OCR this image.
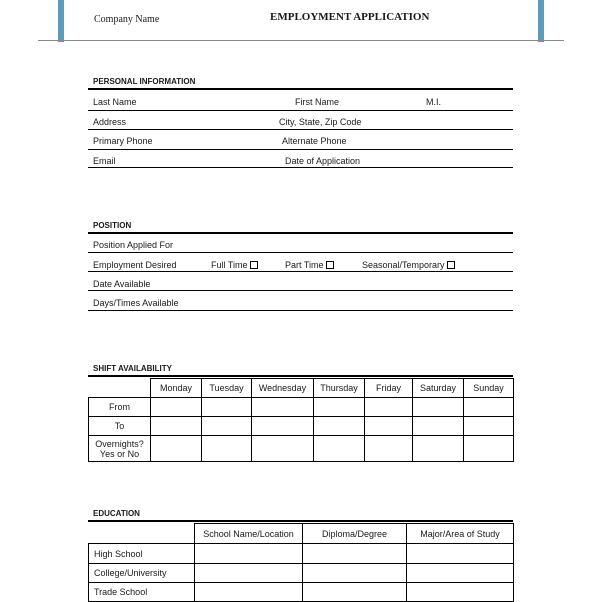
Company Name	EMPLOYMENT APPLICATION
PERSONAL INFORMATION
Last Name	First Name	M.I.
Address	City, State, Zip Code
Primary Phone	Alternate Phone
Email	Date of Application
POSITION
Position Applied For
Employment Desired	Full Time	Part Time	Seasonal/Temporary
Date Available
Days/Times Available
SHIFT AVAILABILITY
	Monday	Tuesday	Wednesday	Thursday	Friday	Saturday	Sunday
From							
To							
Overnights? Yes or No							
EDUCATION
	School Name/Location	Diploma/Degree	Major/Area of Study
High School			
College/University			
Trade School			
